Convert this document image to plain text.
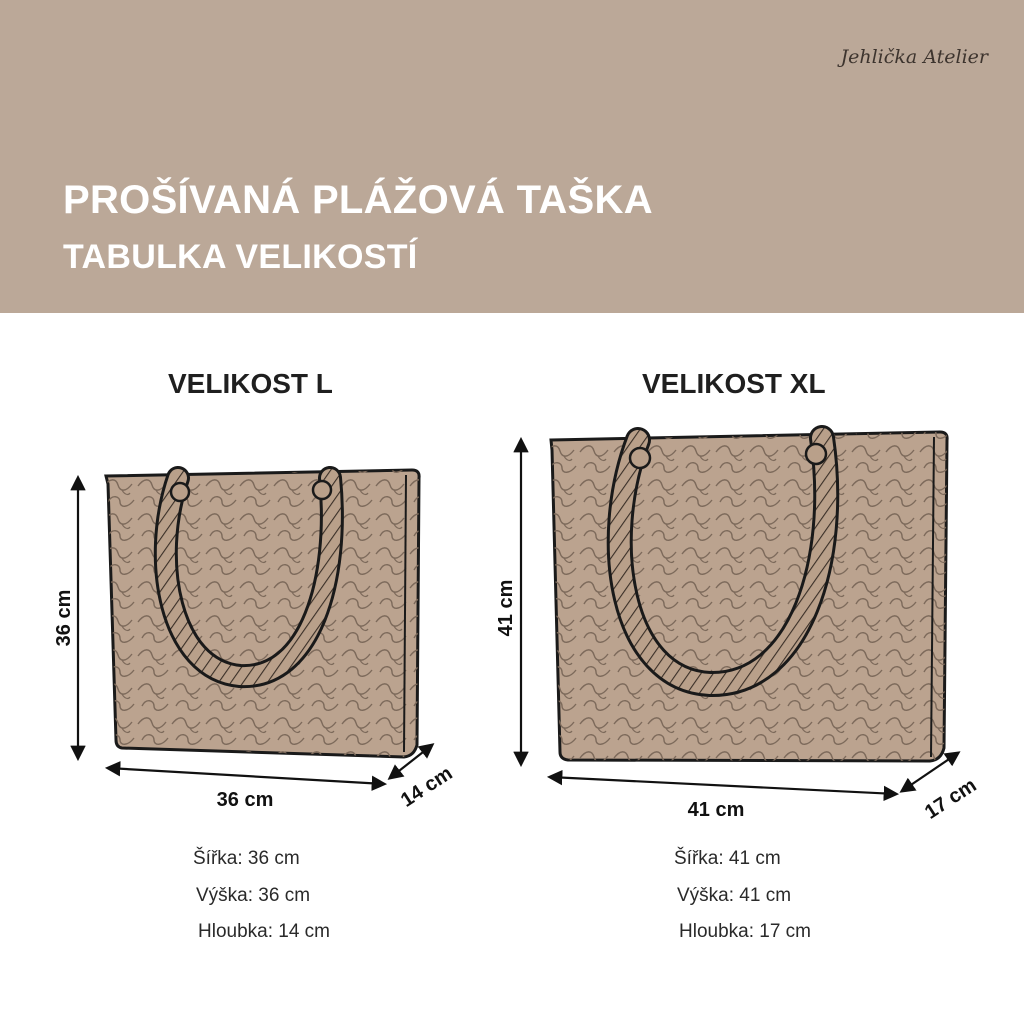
Jehlička Atelier
PROŠÍVANÁ PLÁŽOVÁ TAŠKA
TABULKA VELIKOSTÍ
VELIKOST L	VELIKOST XL
36 cm
36 cm	14 cm
41 cm
41 cm	17 cm
Šířka: 36 cm
Výška: 36 cm
Hloubka: 14 cm
Šířka: 41 cm
Výška: 41 cm
Hloubka: 17 cm
